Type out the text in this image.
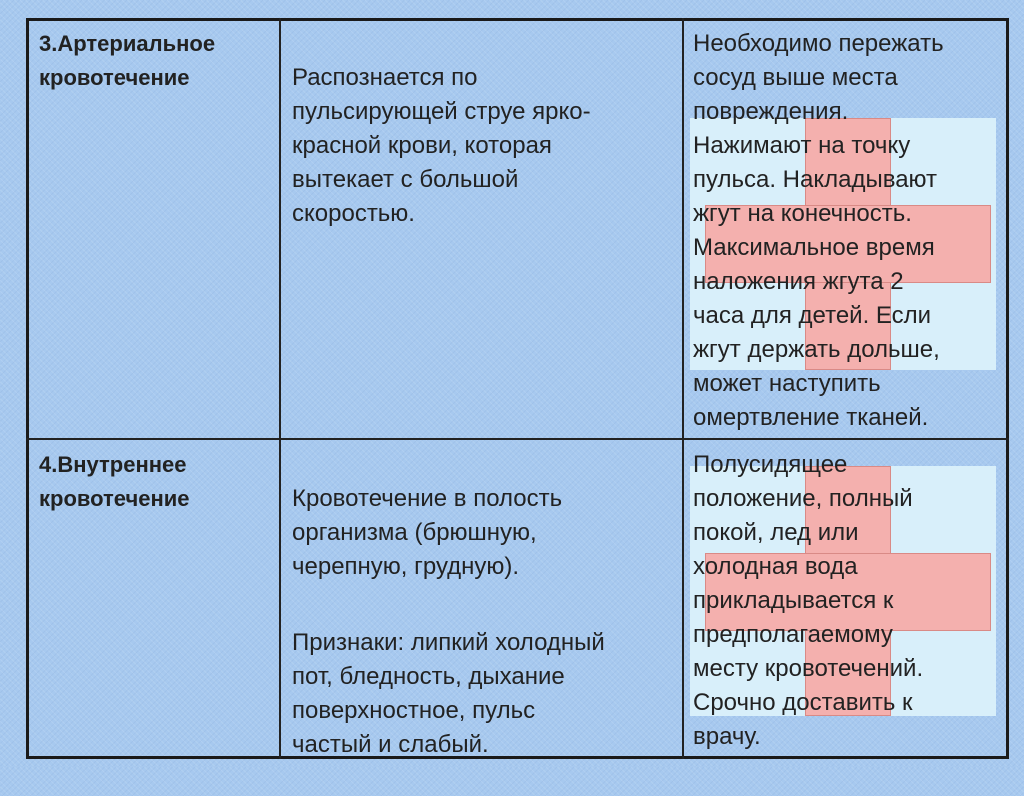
3.Артериальное кровотечение	Распознается по
пульсирующей струе ярко-
красной крови, которая
вытекает с большой
скоростью.

Необходимо пережать
сосуд выше места
повреждения.
Нажимают на точку
пульса. Накладывают
жгут на конечность.
Максимальное время
наложения жгута 2
часа для детей. Если
жгут держать дольше,
может наступить
омертвление тканей.
4.Внутреннее кровотечение	Кровотечение в полость
организма (брюшную,
черепную, грудную).

Признаки: липкий холодный
пот, бледность, дыхание
поверхностное, пульс
частый и слабый.

Полусидящее
положение, полный
покой, лед или
холодная вода
прикладывается к
предполагаемому
месту кровотечений.
Срочно доставить к
врачу.
